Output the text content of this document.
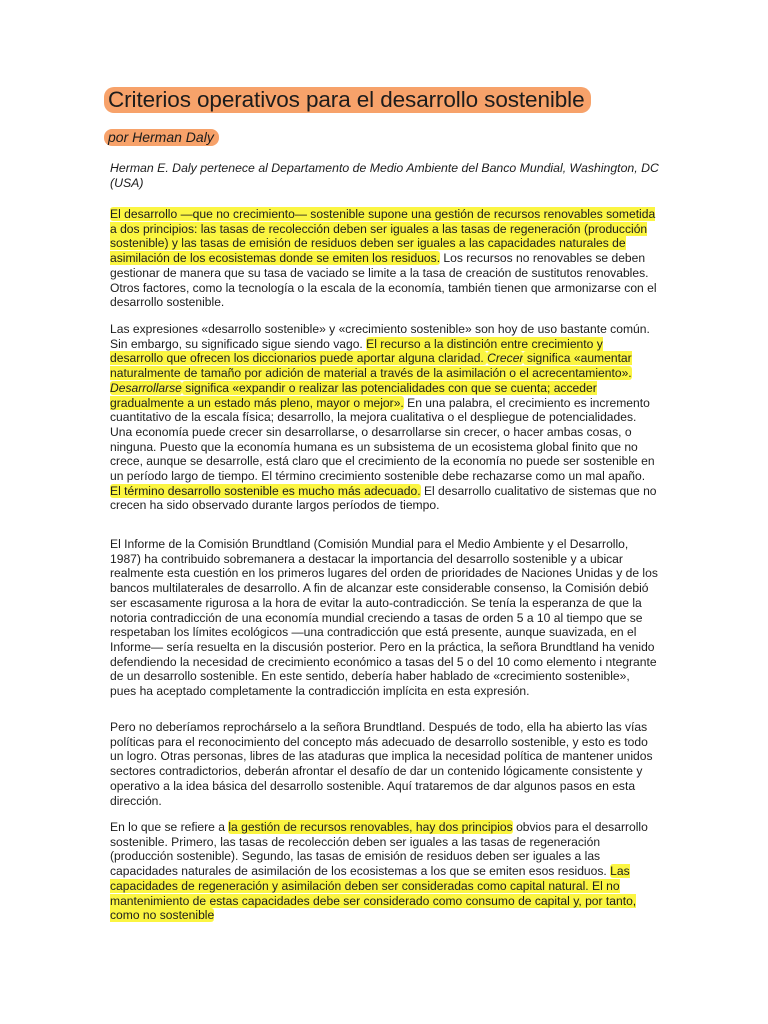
Criterios operativos para el desarrollo sostenible

por Herman Daly

Herman E. Daly pertenece al Departamento de Medio Ambiente del Banco Mundial, Washington, DC (USA)

El desarrollo —que no crecimiento— sostenible supone una gestión de recursos renovables sometida a dos principios: las tasas de recolección deben ser iguales a las tasas de regeneración (producción sostenible) y las tasas de emisión de residuos deben ser iguales a las capacidades naturales de asimilación de los ecosistemas donde se emiten los residuos. Los recursos no renovables se deben gestionar de manera que su tasa de vaciado se limite a la tasa de creación de sustitutos renovables. Otros factores, como la tecnología o la escala de la economía, también tienen que armonizarse con el desarrollo sostenible.

Las expresiones «desarrollo sostenible» y «crecimiento sostenible» son hoy de uso bastante común. Sin embargo, su significado sigue siendo vago. El recurso a la distinción entre crecimiento y desarrollo que ofrecen los diccionarios puede aportar alguna claridad. Crecer significa «aumentar naturalmente de tamaño por adición de material a través de la asimilación o el acrecentamiento». Desarrollarse significa «expandir o realizar las potencialidades con que se cuenta; acceder gradualmente a un estado más pleno, mayor o mejor». En una palabra, el crecimiento es incremento cuantitativo de la escala física; desarrollo, la mejora cualitativa o el despliegue de potencialidades. Una economía puede crecer sin desarrollarse, o desarrollarse sin crecer, o hacer ambas cosas, o ninguna. Puesto que la economía humana es un subsistema de un ecosistema global finito que no crece, aunque se desarrolle, está claro que el crecimiento de la economía no puede ser sostenible en un período largo de tiempo. El término crecimiento sostenible debe rechazarse como un mal apaño. El término desarrollo sostenible es mucho más adecuado. El desarrollo cualitativo de sistemas que no crecen ha sido observado durante largos períodos de tiempo.

El Informe de la Comisión Brundtland (Comisión Mundial para el Medio Ambiente y el Desarrollo, 1987) ha contribuido sobremanera a destacar la importancia del desarrollo sostenible y a ubicar realmente esta cuestión en los primeros lugares del orden de prioridades de Naciones Unidas y de los bancos multilaterales de desarrollo. A fin de alcanzar este considerable consenso, la Comisión debió ser escasamente rigurosa a la hora de evitar la auto-contradicción. Se tenía la esperanza de que la notoria contradicción de una economía mundial creciendo a tasas de orden 5 a 10 al tiempo que se respetaban los límites ecológicos —una contradicción que está presente, aunque suavizada, en el Informe— sería resuelta en la discusión posterior. Pero en la práctica, la señora Brundtland ha venido defendiendo la necesidad de crecimiento económico a tasas del 5 o del 10 como elemento i ntegrante de un desarrollo sostenible. En este sentido, debería haber hablado de «crecimiento sostenible», pues ha aceptado completamente la contradicción implícita en esta expresión.

Pero no deberíamos reprochárselo a la señora Brundtland. Después de todo, ella ha abierto las vías políticas para el reconocimiento del concepto más adecuado de desarrollo sostenible, y esto es todo un logro. Otras personas, libres de las ataduras que implica la necesidad política de mantener unidos sectores contradictorios, deberán afrontar el desafío de dar un contenido lógicamente consistente y operativo a la idea básica del desarrollo sostenible. Aquí trataremos de dar algunos pasos en esta dirección.

En lo que se refiere a la gestión de recursos renovables, hay dos principios obvios para el desarrollo sostenible. Primero, las tasas de recolección deben ser iguales a las tasas de regeneración (producción sostenible). Segundo, las tasas de emisión de residuos deben ser iguales a las capacidades naturales de asimilación de los ecosistemas a los que se emiten esos residuos. Las capacidades de regeneración y asimilación deben ser consideradas como capital natural. El no mantenimiento de estas capacidades debe ser considerado como consumo de capital y, por tanto, como no sostenible
